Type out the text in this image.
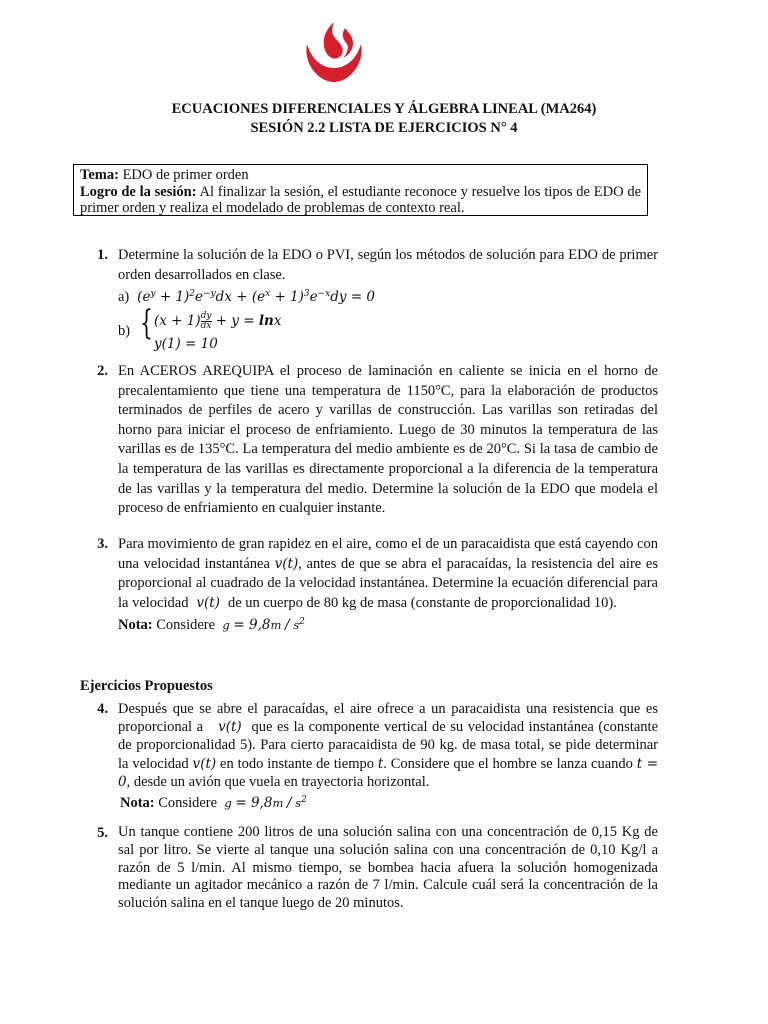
ECUACIONES DIFERENCIALES Y ÁLGEBRA LINEAL (MA264)
SESIÓN 2.2 LISTA DE EJERCICIOS N° 4
Tema: EDO de primer orden
Logro de la sesión: Al finalizar la sesión, el estudiante reconoce y resuelve los tipos de EDO de primer orden y realiza el modelado de problemas de contexto real.
1. Determine la solución de la EDO o PVI, según los métodos de solución para EDO de primer orden desarrollados en clase.
a)  $(e^y + 1)^2e^{-y}dx + (e^x + 1)^3e^{-x}dy = 0$
b) { $(x + 1) \frac{dy}{dx} + y = \ln x$
y(1) = 10
2. En ACEROS AREQUIPA el proceso de laminación en caliente se inicia en el horno de precalentamiento que tiene una temperatura de 1150°C, para la elaboración de productos terminados de perfiles de acero y varillas de construcción. Las varillas son retiradas del horno para iniciar el proceso de enfriamiento. Luego de 30 minutos la temperatura de las varillas es de 135°C. La temperatura del medio ambiente es de 20°C. Si la tasa de cambio de la temperatura de las varillas es directamente proporcional a la diferencia de la temperatura de las varillas y la temperatura del medio. Determine la solución de la EDO que modela el proceso de enfriamiento en cualquier instante.
3. Para movimiento de gran rapidez en el aire, como el de un paracaidista que está cayendo con una velocidad instantánea v(t), antes de que se abra el paracaídas, la resistencia del aire es proporcional al cuadrado de la velocidad instantánea. Determine la ecuación diferencial para la velocidad  v(t) de un cuerpo de 80 kg de masa (constante de proporcionalidad 10).
Nota: Considere  $g = 9,8m / s^2$
Ejercicios Propuestos
4. Después que se abre el paracaídas, el aire ofrece a un paracaidista una resistencia que es proporcional a   v(t) que es la componente vertical de su velocidad instantánea (constante de proporcionalidad 5). Para cierto paracaidista de 90 kg. de masa total, se pide determinar la velocidad v(t) en todo instante de tiempo t. Considere que el hombre se lanza cuando t = 0, desde un avión que vuela en trayectoria horizontal.
Nota: Considere  $g = 9,8m / s^2$
5. Un tanque contiene 200 litros de una solución salina con una concentración de 0,15 Kg de sal por litro. Se vierte al tanque una solución salina con una concentración de 0,10 Kg/l a razón de 5 l/min. Al mismo tiempo, se bombea hacia afuera la solución homogenizada mediante un agitador mecánico a razón de 7 l/min. Calcule cuál será la concentración de la solución salina en el tanque luego de 20 minutos.
